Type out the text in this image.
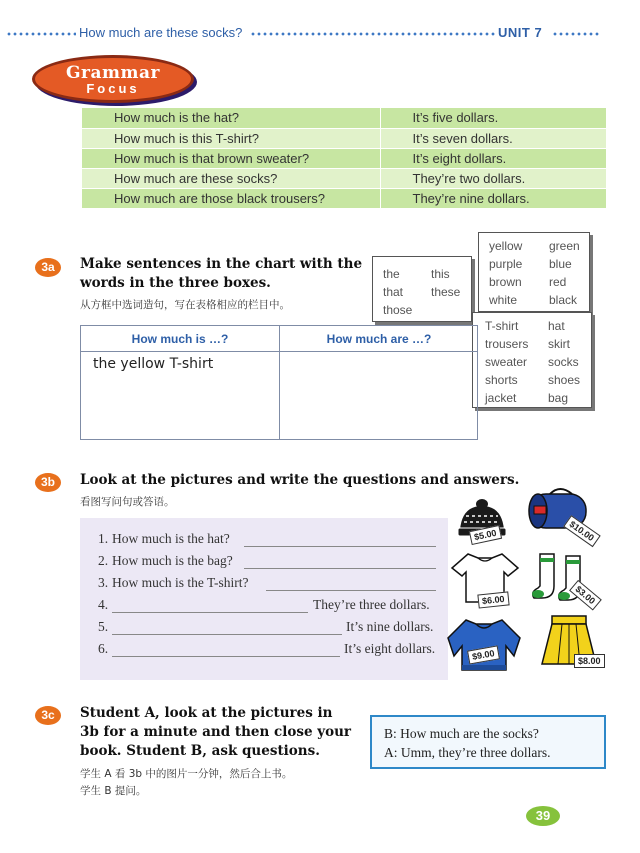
How much are these socks?	UNIT 7
Grammar
Focus
How much is the hat?	It’s five dollars.
How much is this T-shirt?	It’s seven dollars.
How much is that brown sweater?	It’s eight dollars.
How much are these socks?	They’re two dollars.
How much are those black trousers?	They’re nine dollars.
3a	Make sentences in the chart with the
words in the three boxes.
从方框中选词造句，写在表格相应的栏目中。
the	this
that these
those
yellow green
purple blue
brown red
white	black
T-shirt hat
trousers skirt
sweater socks
shorts	shoes
jacket	bag
How much is …?	How much are …?
the yellow T-shirt
3b	Look at the pictures and write the questions and answers.
看图写问句或答语。
1. How much is the hat?
2. How much is the bag?
3. How much is the T-shirt?
4.	They’re three dollars.
5.	It’s nine dollars.
6.	It’s eight dollars.
$5.00	$10.00
$6.00	$3.00
$9.00	$8.00
3c	Student A, look at the pictures in
3b for a minute and then close your
book. Student B, ask questions.
学生 A 看 3b 中的图片一分钟，然后合上书。
学生 B 提问。
B: How much are the socks?
A: Umm, they’re three dollars.
39
